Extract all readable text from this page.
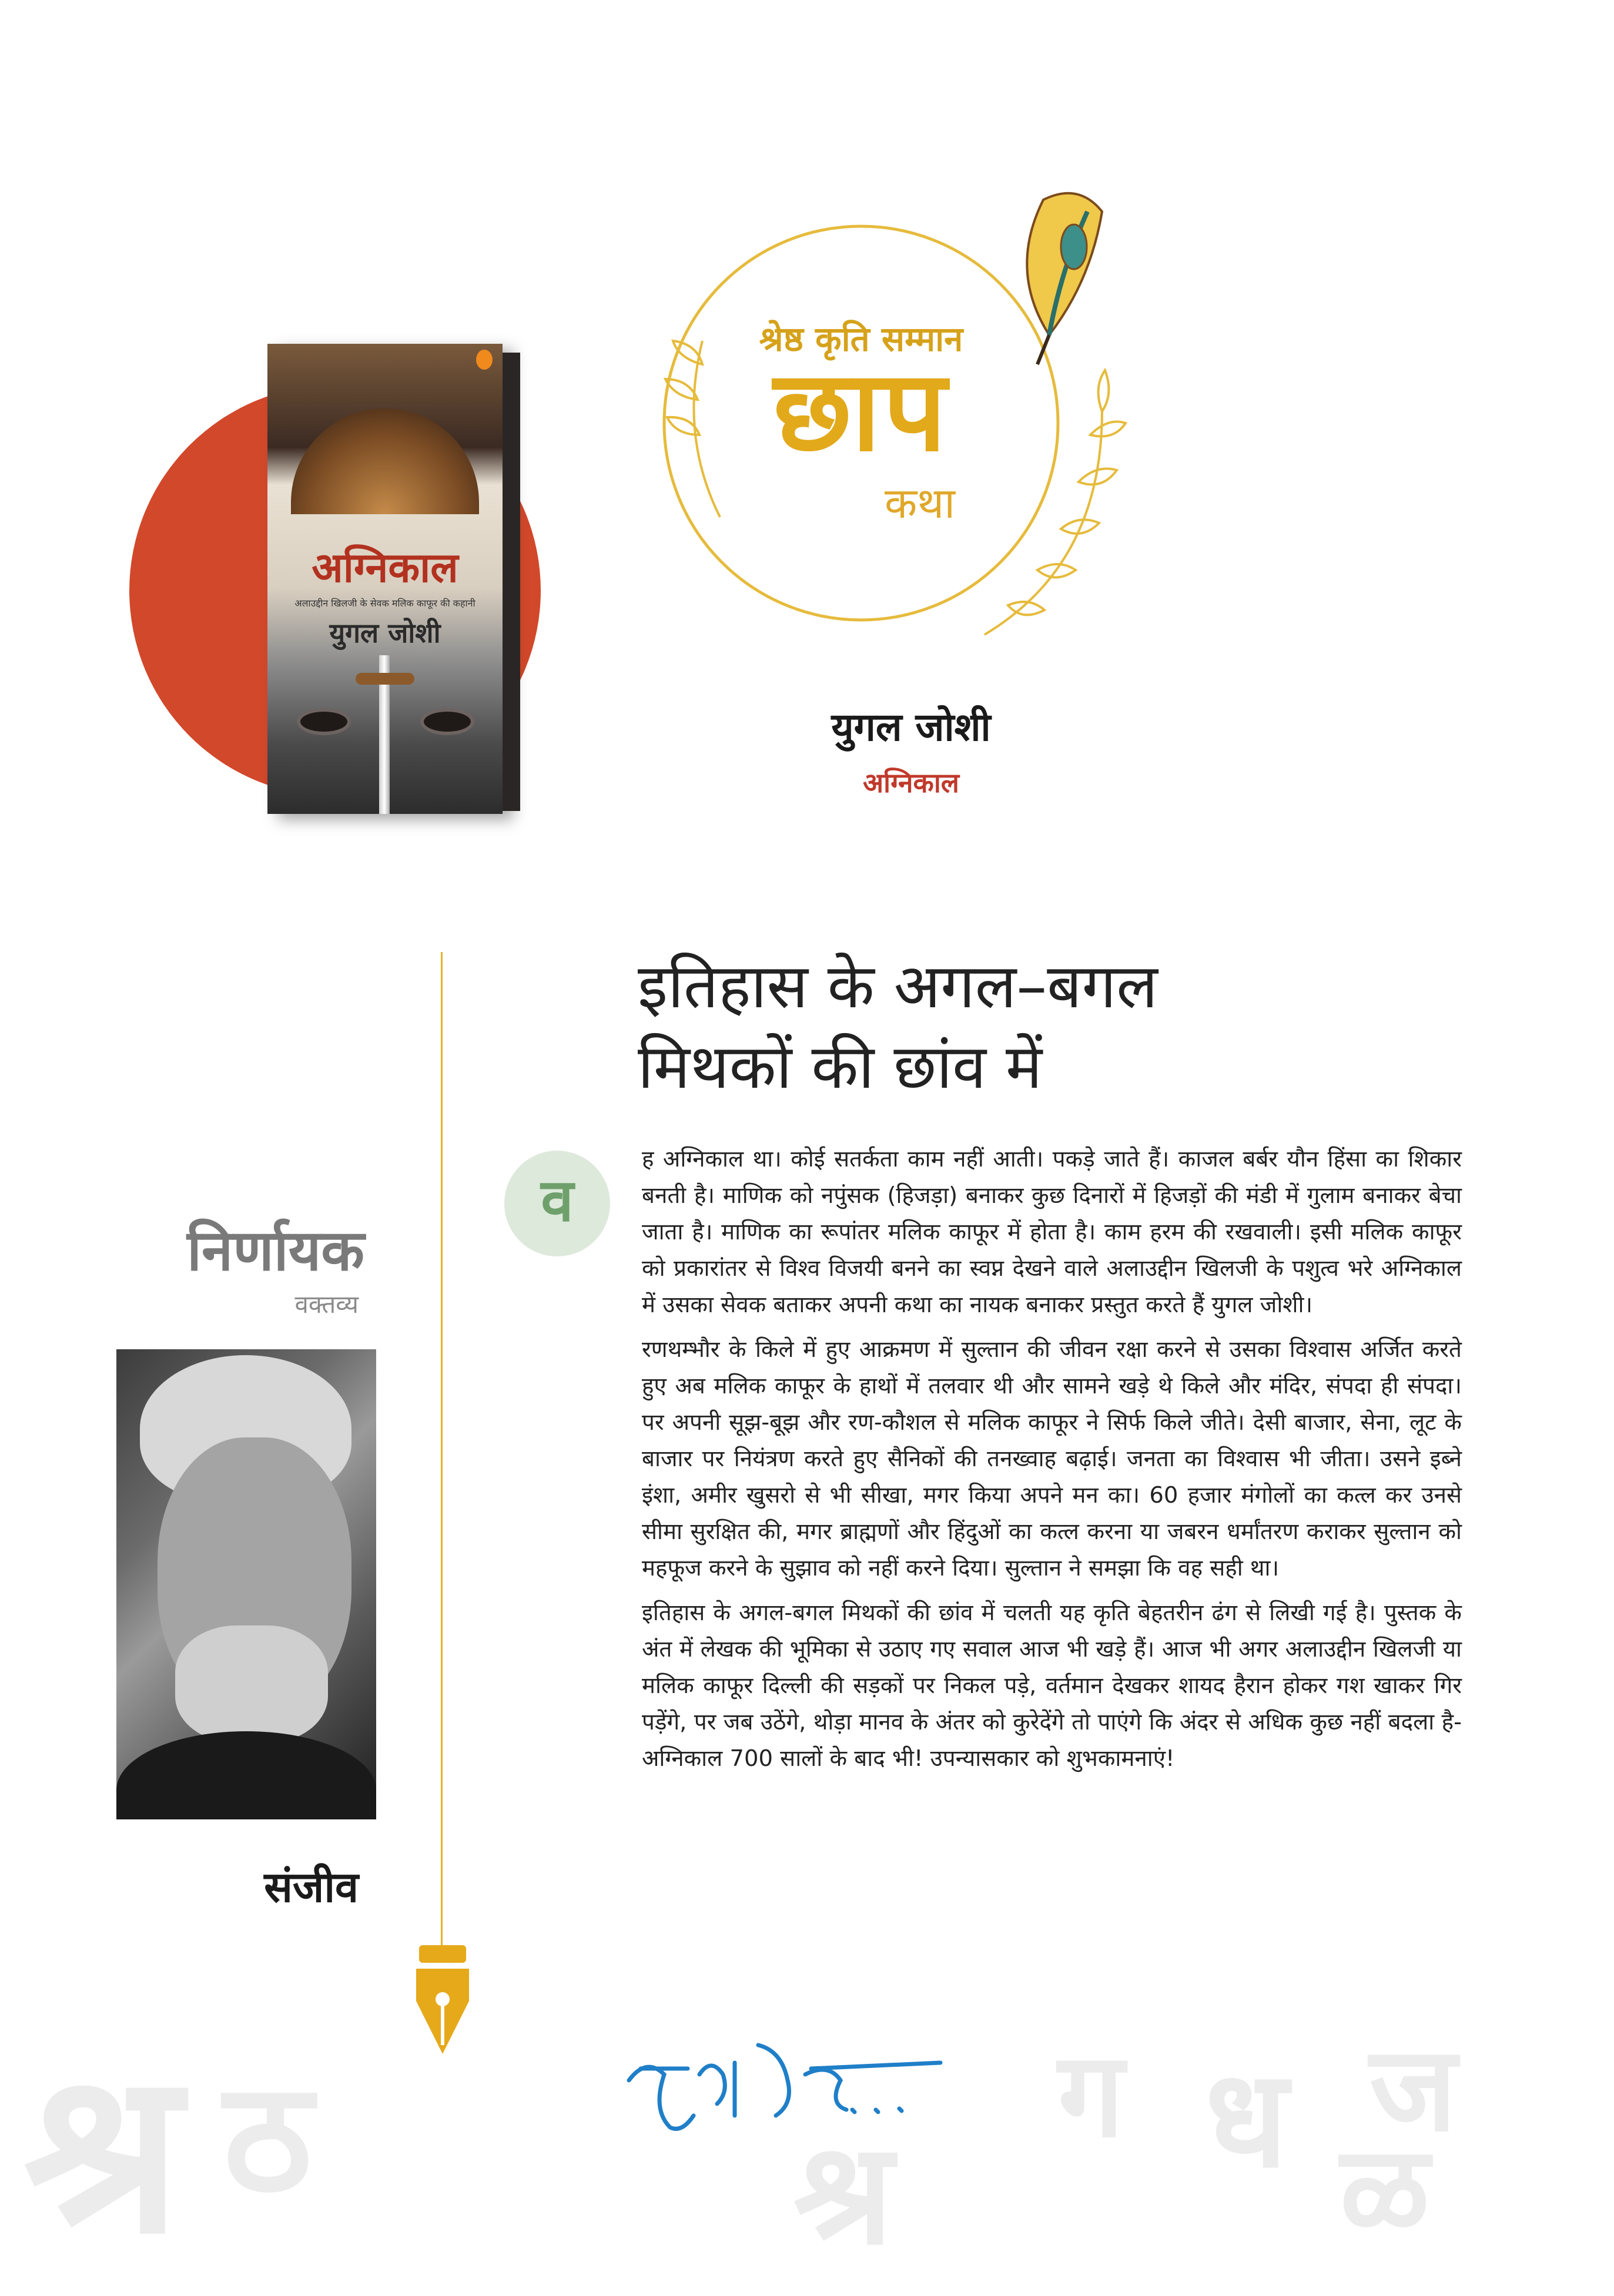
श्र ठ	श्र
ग ध ज
ळ
अग्निकाल
अलाउद्दीन खिलजी के सेवक मलिक काफूर की कहानी
युगल जोशी
श्रेष्ठ कृति सम्मान
छाप
कथा
युगल जोशी
अग्निकाल
निर्णायक
वक्तव्य
संजीव
इतिहास के अगल–बगल
मिथकों की छांव में
व

ह अग्निकाल था। कोई सतर्कता काम नहीं आती। पकड़े जाते हैं। काजल बर्बर यौन हिंसा का शिकार बनती है। माणिक को नपुंसक (हिजड़ा) बनाकर कुछ दिनारों में हिजड़ों की मंडी में गुलाम बनाकर बेचा जाता है। माणिक का रूपांतर मलिक काफूर में होता है। काम हरम की रखवाली। इसी मलिक काफूर को प्रकारांतर से विश्व विजयी बनने का स्वप्न देखने वाले अलाउद्दीन खिलजी के पशुत्व भरे अग्निकाल में उसका सेवक बताकर अपनी कथा का नायक बनाकर प्रस्तुत करते हैं युगल जोशी।

रणथम्भौर के किले में हुए आक्रमण में सुल्तान की जीवन रक्षा करने से उसका विश्वास अर्जित करते हुए अब मलिक काफूर के हाथों में तलवार थी और सामने खड़े थे किले और मंदिर, संपदा ही संपदा। पर अपनी सूझ-बूझ और रण-कौशल से मलिक काफूर ने सिर्फ किले जीते। देसी बाजार, सेना, लूट के बाजार पर नियंत्रण करते हुए सैनिकों की तनख्वाह बढ़ाई। जनता का विश्वास भी जीता। उसने इब्ने इंशा, अमीर खुसरो से भी सीखा, मगर किया अपने मन का। 60 हजार मंगोलों का कत्ल कर उनसे सीमा सुरक्षित की, मगर ब्राह्मणों और हिंदुओं का कत्ल करना या जबरन धर्मांतरण कराकर सुल्तान को महफूज करने के सुझाव को नहीं करने दिया। सुल्तान ने समझा कि वह सही था।

इतिहास के अगल-बगल मिथकों की छांव में चलती यह कृति बेहतरीन ढंग से लिखी गई है। पुस्तक के अंत में लेखक की भूमिका से उठाए गए सवाल आज भी खड़े हैं। आज भी अगर अलाउद्दीन खिलजी या मलिक काफूर दिल्ली की सड़कों पर निकल पड़े, वर्तमान देखकर शायद हैरान होकर गश खाकर गिर पड़ेंगे, पर जब उठेंगे, थोड़ा मानव के अंतर को कुरेदेंगे तो पाएंगे कि अंदर से अधिक कुछ नहीं बदला है-अग्निकाल 700 सालों के बाद भी! उपन्यासकार को शुभकामनाएं!
